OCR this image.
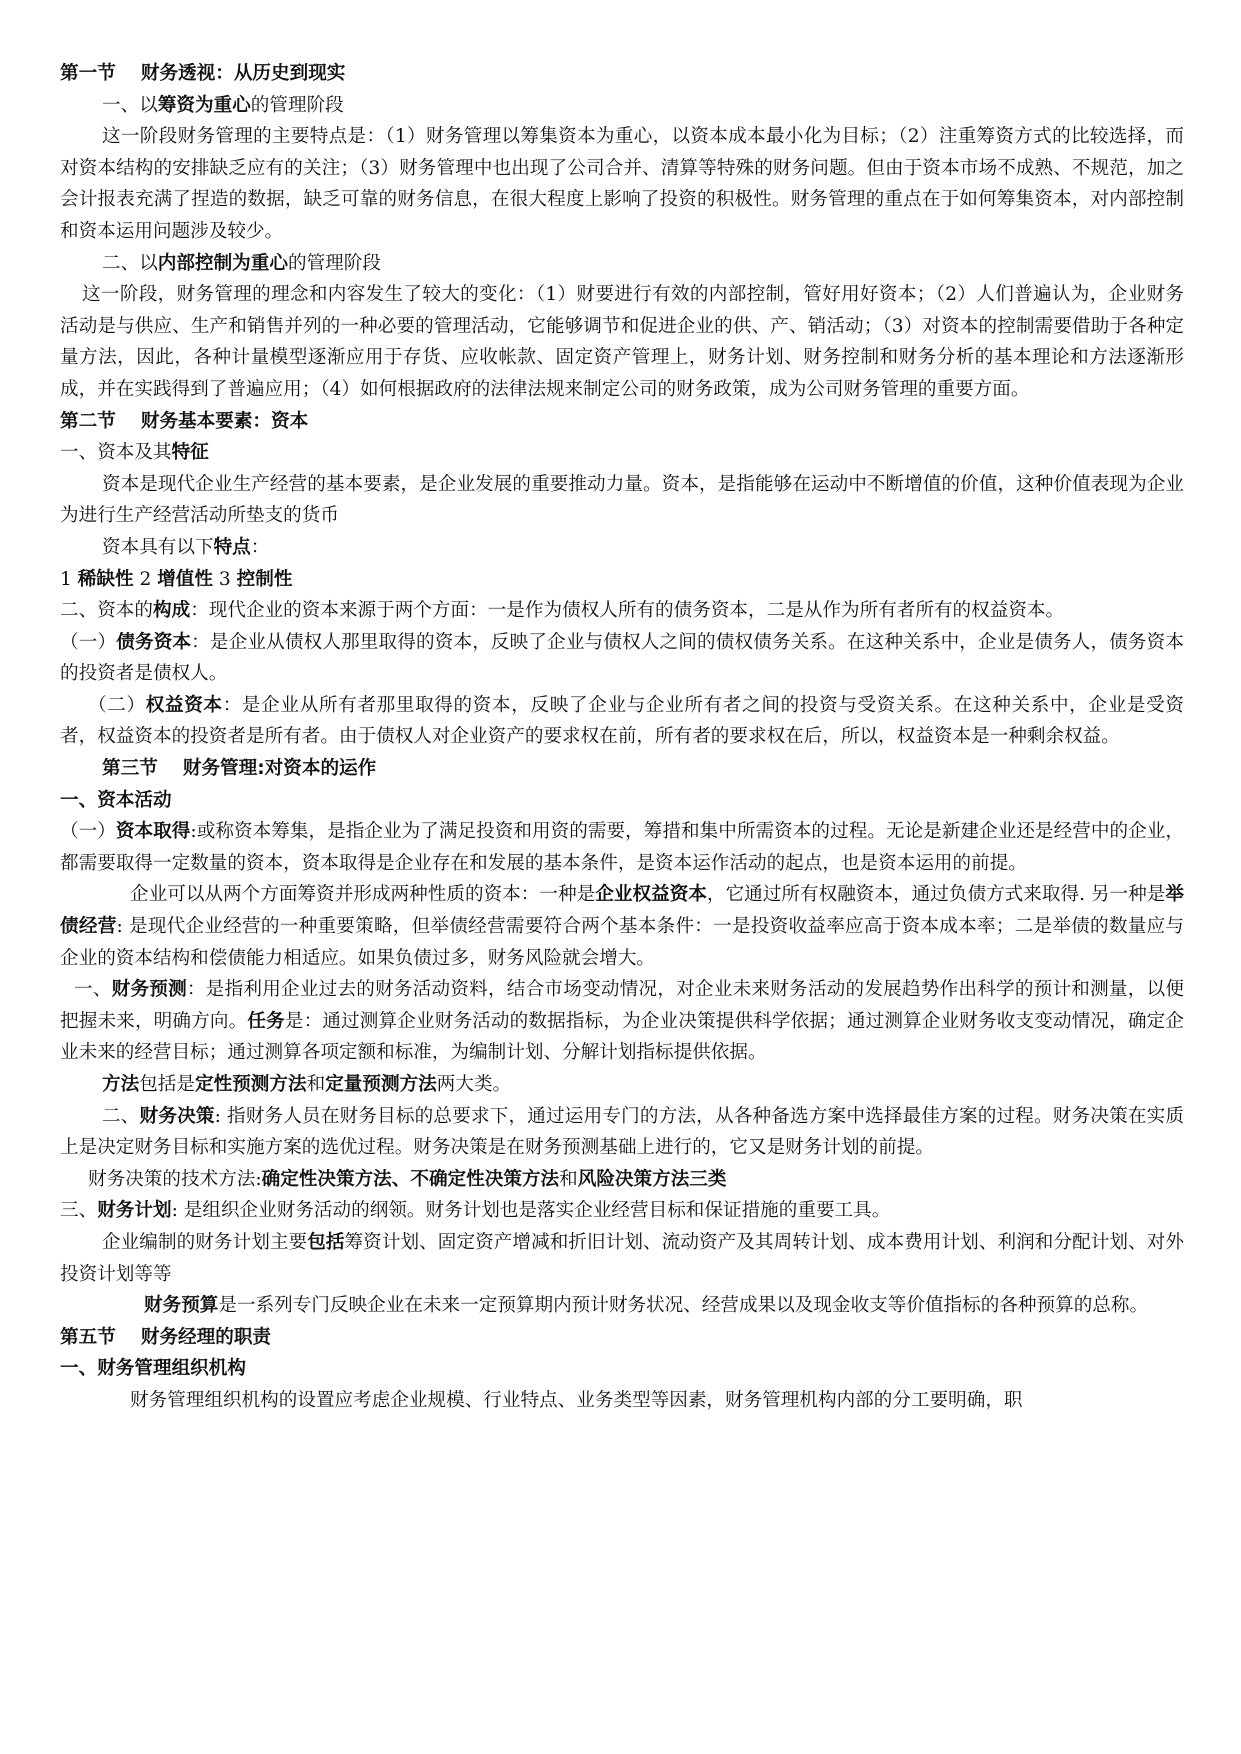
第一节　 财务透视：从历史到现实

一、以筹资为重心的管理阶段

这一阶段财务管理的主要特点是：（1）财务管理以筹集资本为重心，以资本成本最小化为目标；（2）注重筹资方式的比较选择，而对资本结构的安排缺乏应有的关注；（3）财务管理中也出现了公司合并、清算等特殊的财务问题。但由于资本市场不成熟、不规范，加之会计报表充满了捏造的数据，缺乏可靠的财务信息，在很大程度上影响了投资的积极性。财务管理的重点在于如何筹集资本，对内部控制和资本运用问题涉及较少。

二、以内部控制为重心的管理阶段

这一阶段，财务管理的理念和内容发生了较大的变化：（1）财要进行有效的内部控制，管好用好资本；（2）人们普遍认为，企业财务活动是与供应、生产和销售并列的一种必要的管理活动，它能够调节和促进企业的供、产、销活动；（3）对资本的控制需要借助于各种定量方法，因此，各种计量模型逐渐应用于存货、应收帐款、固定资产管理上，财务计划、财务控制和财务分析的基本理论和方法逐渐形成，并在实践得到了普遍应用；（4）如何根据政府的法律法规来制定公司的财务政策，成为公司财务管理的重要方面。

第二节　 财务基本要素：资本

一、资本及其特征

资本是现代企业生产经营的基本要素，是企业发展的重要推动力量。资本，是指能够在运动中不断增值的价值，这种价值表现为企业为进行生产经营活动所垫支的货币

资本具有以下特点：

1 稀缺性 2 增值性 3 控制性

二、资本的构成：现代企业的资本来源于两个方面：一是作为债权人所有的债务资本，二是从作为所有者所有的权益资本。

（一）债务资本：是企业从债权人那里取得的资本，反映了企业与债权人之间的债权债务关系。在这种关系中，企业是债务人，债务资本的投资者是债权人。

（二）权益资本：是企业从所有者那里取得的资本，反映了企业与企业所有者之间的投资与受资关系。在这种关系中，企业是受资者，权益资本的投资者是所有者。由于债权人对企业资产的要求权在前，所有者的要求权在后，所以，权益资本是一种剩余权益。

第三节　 财务管理:对资本的运作

一、资本活动

（一）资本取得:或称资本筹集，是指企业为了满足投资和用资的需要，筹措和集中所需资本的过程。无论是新建企业还是经营中的企业，都需要取得一定数量的资本，资本取得是企业存在和发展的基本条件，是资本运作活动的起点，也是资本运用的前提。

企业可以从两个方面筹资并形成两种性质的资本：一种是企业权益资本，它通过所有权融资本，通过负债方式来取得. 另一种是举债经营: 是现代企业经营的一种重要策略，但举债经营需要符合两个基本条件：一是投资收益率应高于资本成本率；二是举债的数量应与企业的资本结构和偿债能力相适应。如果负债过多，财务风险就会增大。

一、财务预测：是指利用企业过去的财务活动资料，结合市场变动情况，对企业未来财务活动的发展趋势作出科学的预计和测量，以便把握未来，明确方向。任务是：通过测算企业财务活动的数据指标，为企业决策提供科学依据；通过测算企业财务收支变动情况，确定企业未来的经营目标；通过测算各项定额和标准，为编制计划、分解计划指标提供依据。

方法包括是定性预测方法和定量预测方法两大类。

二、财务决策: 指财务人员在财务目标的总要求下，通过运用专门的方法，从各种备选方案中选择最佳方案的过程。财务决策在实质上是决定财务目标和实施方案的选优过程。财务决策是在财务预测基础上进行的，它又是财务计划的前提。

财务决策的技术方法:确定性决策方法、不确定性决策方法和风险决策方法三类

三、财务计划: 是组织企业财务活动的纲领。财务计划也是落实企业经营目标和保证措施的重要工具。

企业编制的财务计划主要包括筹资计划、固定资产增减和折旧计划、流动资产及其周转计划、成本费用计划、利润和分配计划、对外投资计划等等

财务预算是一系列专门反映企业在未来一定预算期内预计财务状况、经营成果以及现金收支等价值指标的各种预算的总称。

第五节　 财务经理的职责

一、财务管理组织机构

财务管理组织机构的设置应考虑企业规模、行业特点、业务类型等因素，财务管理机构内部的分工要明确，职
